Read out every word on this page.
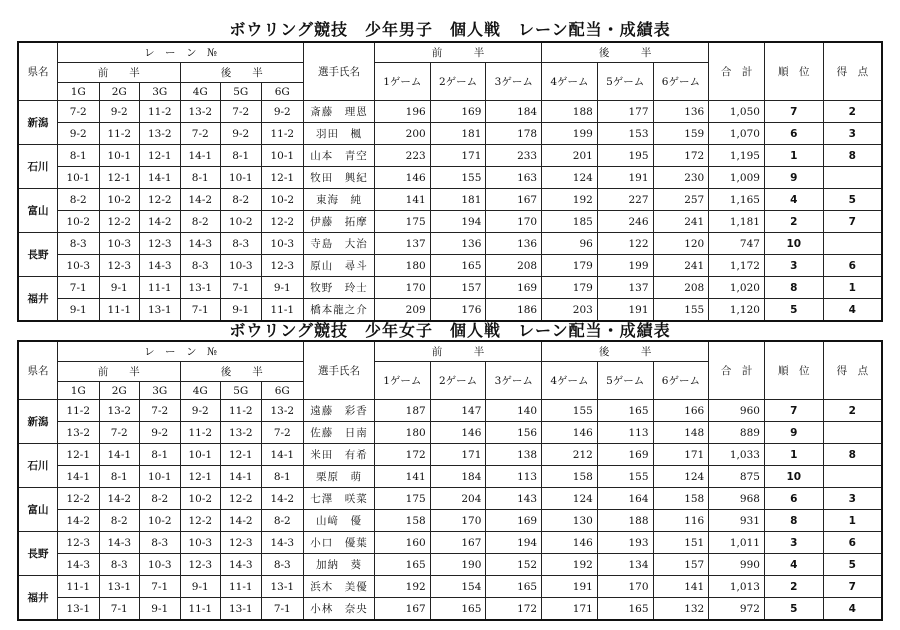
ボウリング競技　少年男子　個人戦　レーン配当・成績表
県名	レ　ー　ン　№						選手氏名	前　　　半			後　　　半			合　計	順　位	得　点
	前　　半			後　　半				1ゲーム	2ゲーム	3ゲーム	4ゲーム	5ゲーム	6ゲーム			
	1G	2G	3G	4G	5G	6G										
新潟	7-2	9-2	11-2	13-2	7-2	9-2	斎藤　理恩	196	169	184	188	177	136	1,050	7	2
	9-2	11-2	13-2	7-2	9-2	11-2	羽田　楓	200	181	178	199	153	159	1,070	6	3
石川	8-1	10-1	12-1	14-1	8-1	10-1	山本　青空	223	171	233	201	195	172	1,195	1	8
	10-1	12-1	14-1	8-1	10-1	12-1	牧田　興紀	146	155	163	124	191	230	1,009	9	
富山	8-2	10-2	12-2	14-2	8-2	10-2	東海　純	141	181	167	192	227	257	1,165	4	5
	10-2	12-2	14-2	8-2	10-2	12-2	伊藤　拓摩	175	194	170	185	246	241	1,181	2	7
長野	8-3	10-3	12-3	14-3	8-3	10-3	寺島　大治	137	136	136	96	122	120	747	10	
	10-3	12-3	14-3	8-3	10-3	12-3	原山　尋斗	180	165	208	179	199	241	1,172	3	6
福井	7-1	9-1	11-1	13-1	7-1	9-1	牧野　玲士	170	157	169	179	137	208	1,020	8	1
	9-1	11-1	13-1	7-1	9-1	11-1	橋本龍之介	209	176	186	203	191	155	1,120	5	4
ボウリング競技　少年女子　個人戦　レーン配当・成績表
県名	レ　ー　ン　№						選手氏名	前　　　半			後　　　半			合　計	順　位	得　点
	前　　半			後　　半				1ゲーム	2ゲーム	3ゲーム	4ゲーム	5ゲーム	6ゲーム			
	1G	2G	3G	4G	5G	6G										
新潟	11-2	13-2	7-2	9-2	11-2	13-2	遠藤　彩香	187	147	140	155	165	166	960	7	2
	13-2	7-2	9-2	11-2	13-2	7-2	佐藤　日南	180	146	156	146	113	148	889	9	
石川	12-1	14-1	8-1	10-1	12-1	14-1	米田　有希	172	171	138	212	169	171	1,033	1	8
	14-1	8-1	10-1	12-1	14-1	8-1	栗原　萌	141	184	113	158	155	124	875	10	
富山	12-2	14-2	8-2	10-2	12-2	14-2	七澤　咲菜	175	204	143	124	164	158	968	6	3
	14-2	8-2	10-2	12-2	14-2	8-2	山﨑　優	158	170	169	130	188	116	931	8	1
長野	12-3	14-3	8-3	10-3	12-3	14-3	小口　優葉	160	167	194	146	193	151	1,011	3	6
	14-3	8-3	10-3	12-3	14-3	8-3	加納　葵	165	190	152	192	134	157	990	4	5
福井	11-1	13-1	7-1	9-1	11-1	13-1	浜木　美優	192	154	165	191	170	141	1,013	2	7
	13-1	7-1	9-1	11-1	13-1	7-1	小林　奈央	167	165	172	171	165	132	972	5	4
